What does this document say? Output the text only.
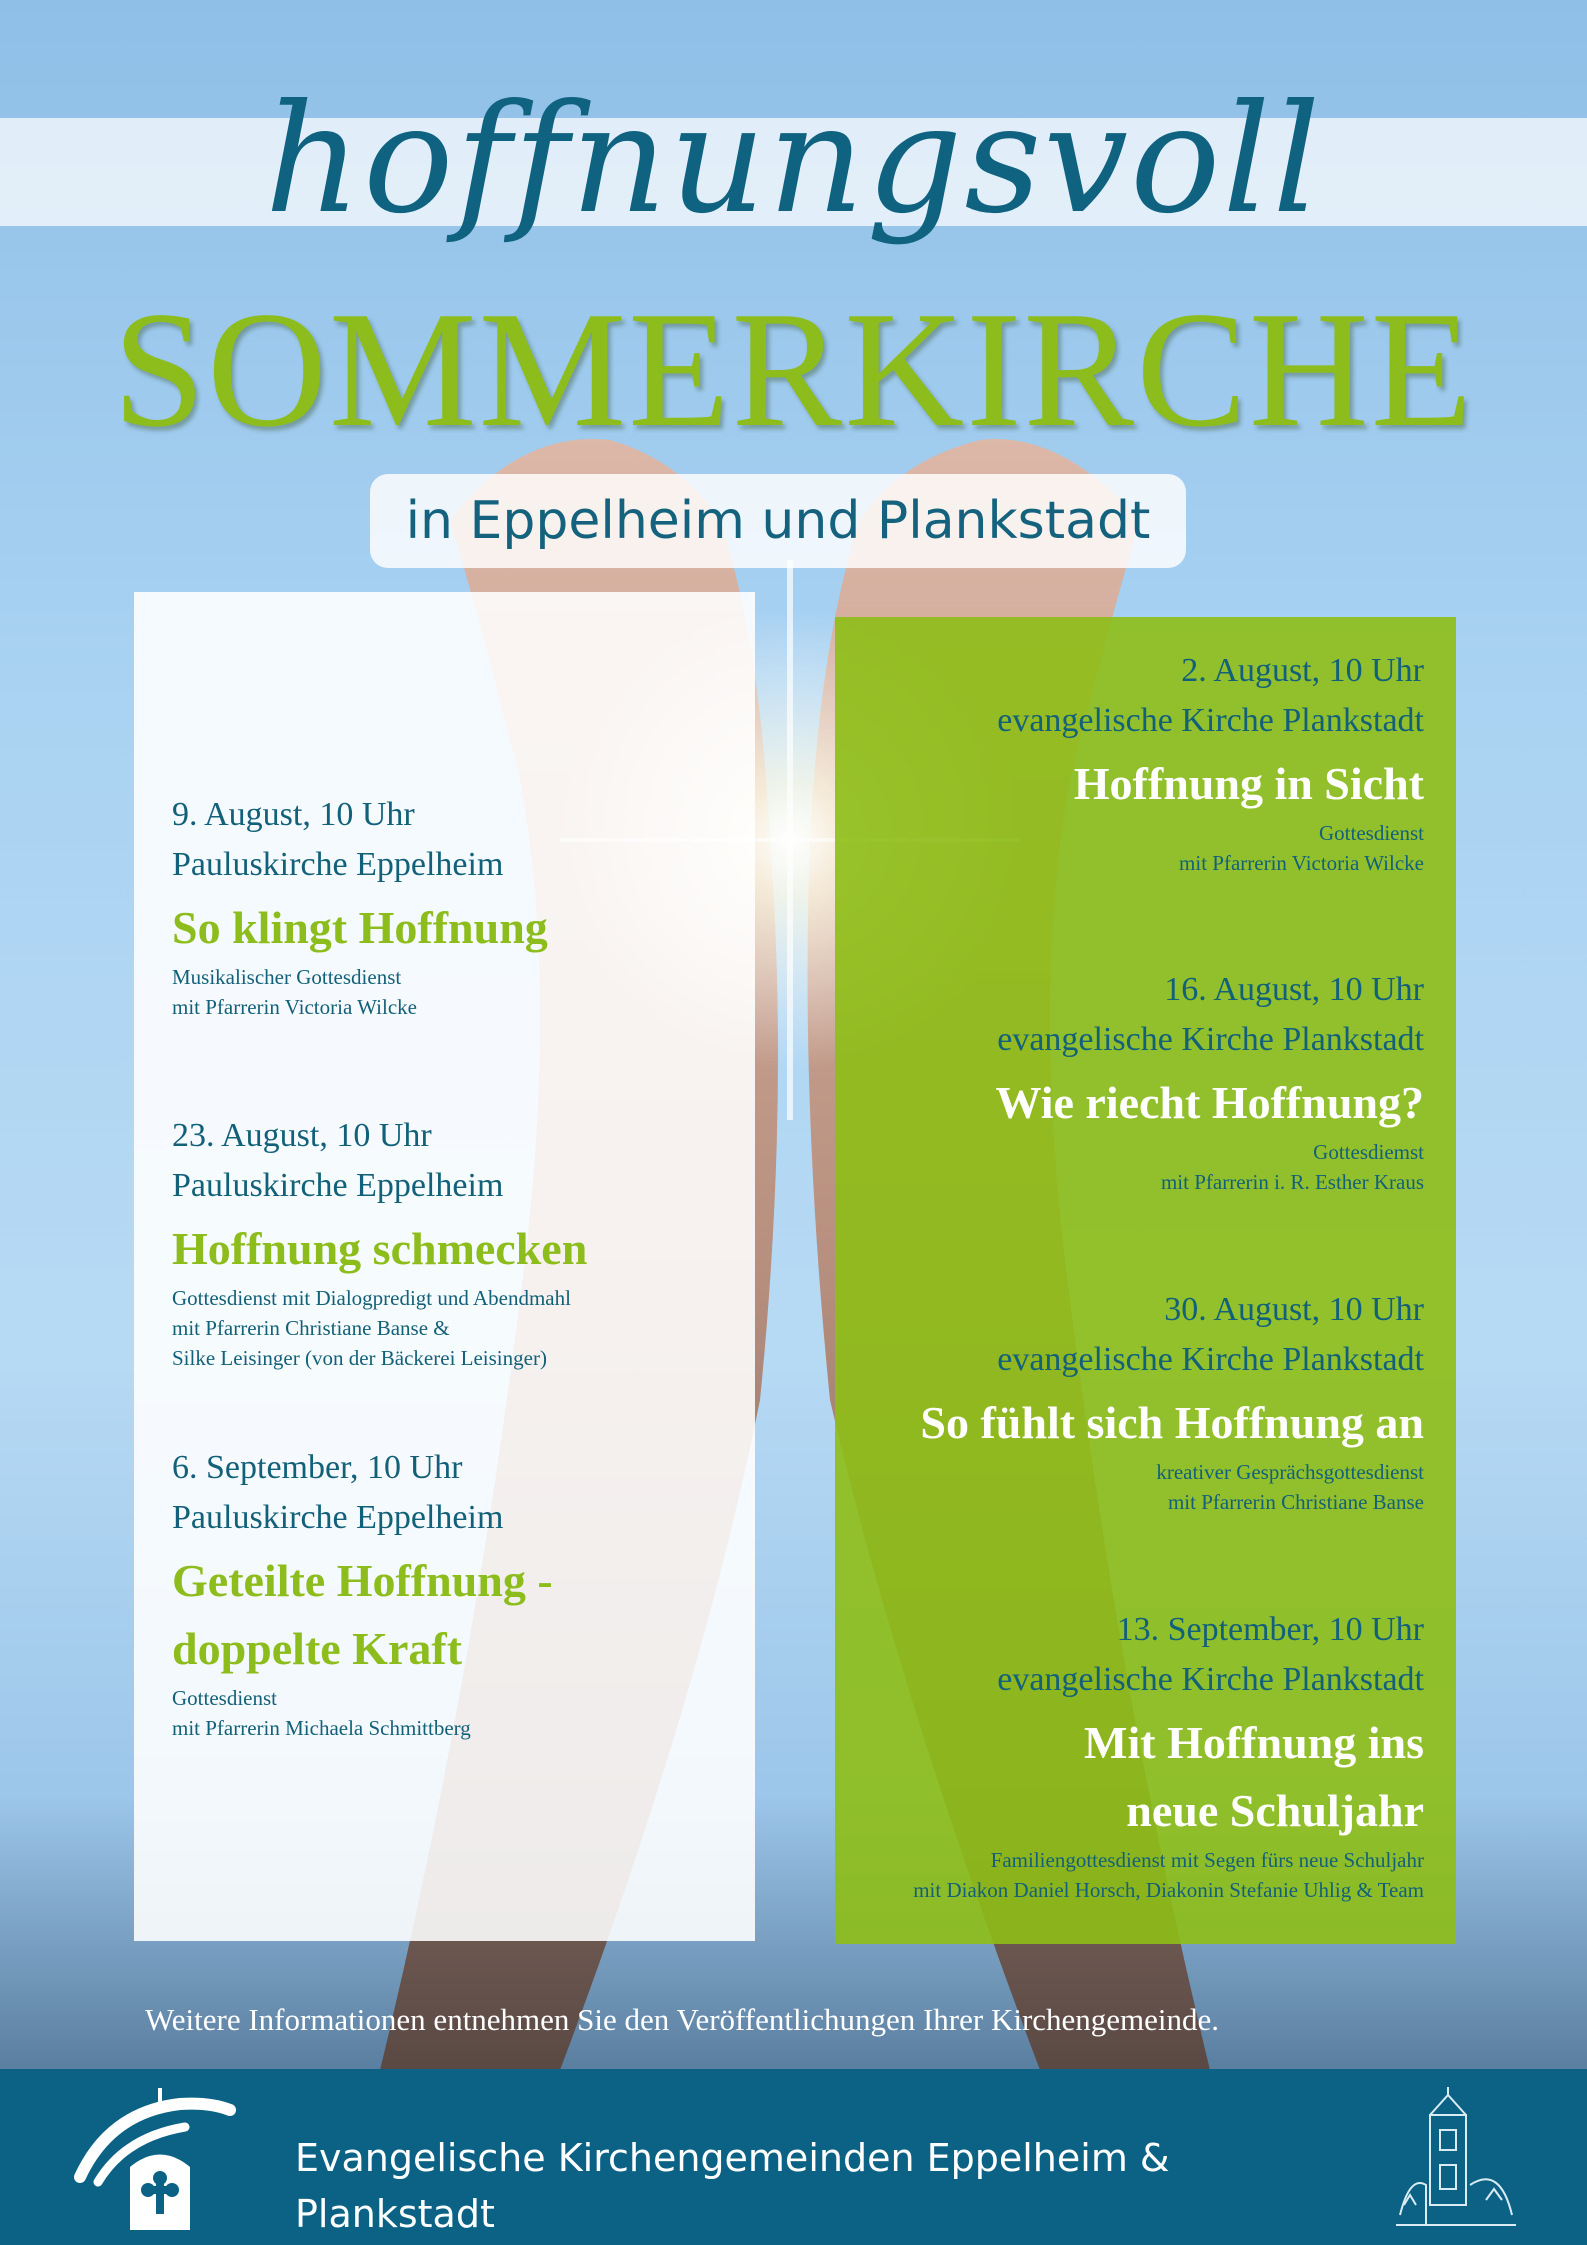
hoffnungsvoll
SOMMERKIRCHE
in Eppelheim und Plankstadt
9. August, 10 Uhr
Pauluskirche Eppelheim
So klingt Hoffnung
Musikalischer Gottesdienst
mit Pfarrerin Victoria Wilcke
23. August, 10 Uhr
Pauluskirche Eppelheim
Hoffnung schmecken
Gottesdienst mit Dialogpredigt und Abendmahl
mit Pfarrerin Christiane Banse &
Silke Leisinger (von der Bäckerei Leisinger)
6. September, 10 Uhr
Pauluskirche Eppelheim
Geteilte Hoffnung -
doppelte Kraft
Gottesdienst
mit Pfarrerin Michaela Schmittberg
2. August, 10 Uhr
evangelische Kirche Plankstadt
Hoffnung in Sicht
Gottesdienst
mit Pfarrerin Victoria Wilcke
16. August, 10 Uhr
evangelische Kirche Plankstadt
Wie riecht Hoffnung?
Gottesdiemst
mit Pfarrerin i. R. Esther Kraus
30. August, 10 Uhr
evangelische Kirche Plankstadt
So fühlt sich Hoffnung an
kreativer Gesprächsgottesdienst
mit Pfarrerin Christiane Banse
13. September, 10 Uhr
evangelische Kirche Plankstadt
Mit Hoffnung ins
neue Schuljahr
Familiengottesdienst mit Segen fürs neue Schuljahr
mit Diakon Daniel Horsch, Diakonin Stefanie Uhlig & Team
Weitere Informationen entnehmen Sie den Veröffentlichungen Ihrer Kirchengemeinde.
Evangelische Kirchengemeinden Eppelheim & Plankstadt
